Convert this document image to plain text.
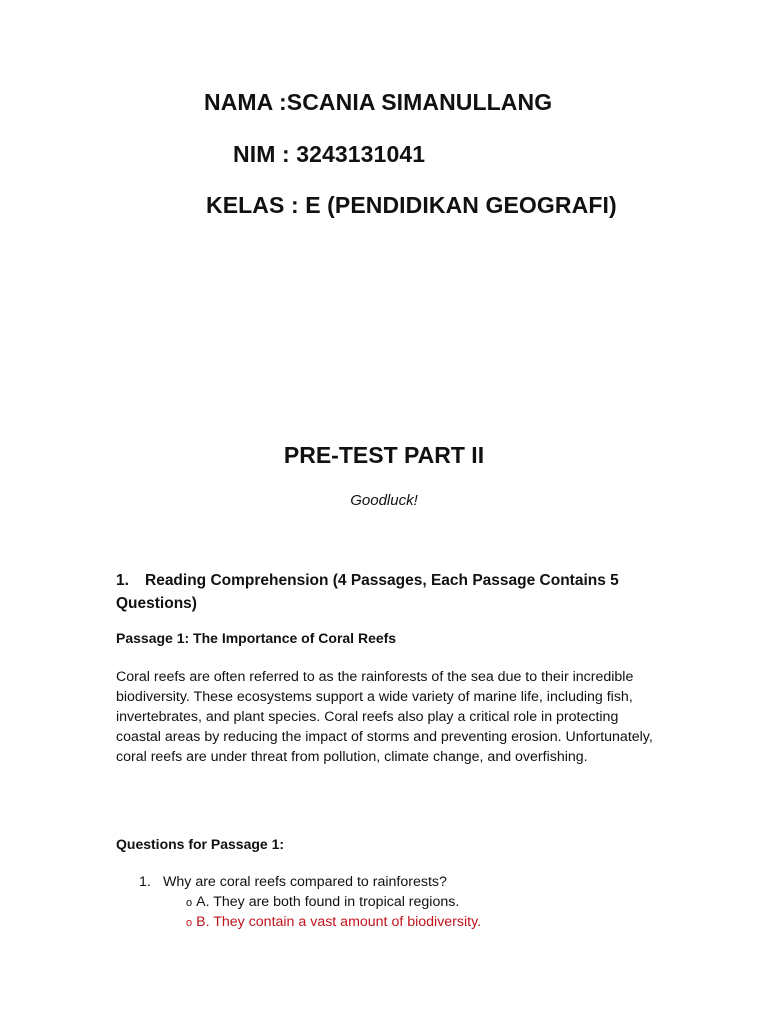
NAMA :SCANIA SIMANULLANG
NIM : 3243131041
KELAS : E (PENDIDIKAN GEOGRAFI)
PRE-TEST PART II
Goodluck!
1. Reading Comprehension (4 Passages, Each Passage Contains 5 Questions)
Passage 1: The Importance of Coral Reefs

Coral reefs are often referred to as the rainforests of the sea due to their incredible biodiversity. These ecosystems support a wide variety of marine life, including fish, invertebrates, and plant species. Coral reefs also play a critical role in protecting coastal areas by reducing the impact of storms and preventing erosion. Unfortunately, coral reefs are under threat from pollution, climate change, and overfishing.

Questions for Passage 1:
1. Why are coral reefs compared to rainforests?
o A. They are both found in tropical regions.
o B. They contain a vast amount of biodiversity.
